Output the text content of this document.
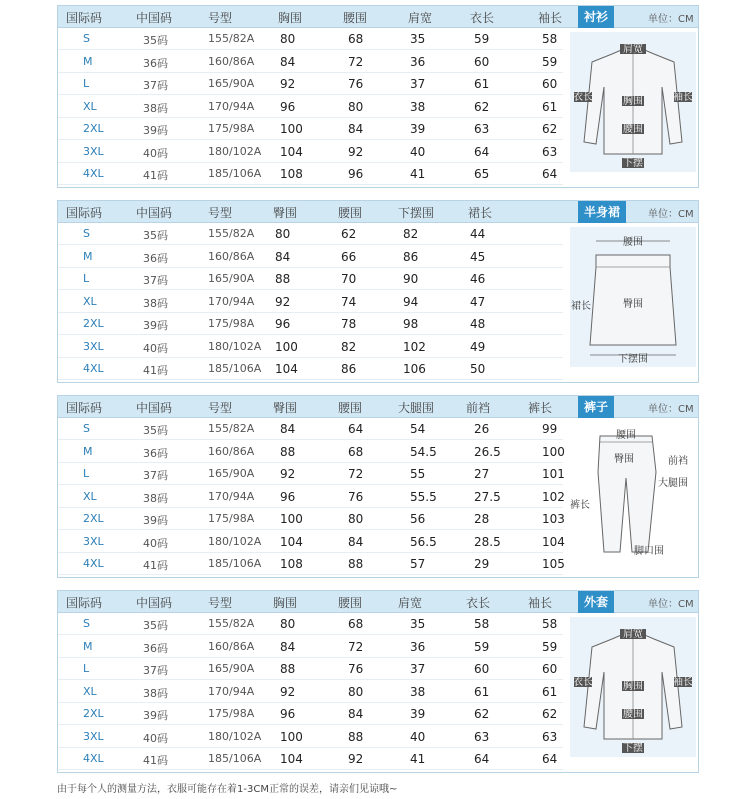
国际码	中国码	号型	胸围	腰围	肩宽	衣长	袖长	衬衫	单位：CM
S	35码	155/82A 80	68	35	59	58
M	36码	160/86A 84	72	36	60	59
L	37码	165/90A 92	76	37	61	60
XL	38码	170/94A 96	80	38	62	61
2XL	39码	175/98A 100	84	39	63	62
3XL	40码	180/102A 104	92	40	64	63
4XL	41码	185/106A 108	96	41	65	64
肩宽
衣长	胸围
腰围
袖长
下摆
国际码	中国码	号型	臀围	腰围	下摆围	裙长	半身裙	单位：CM
S	35码	155/82A 80	62	82	44
M	36码	160/86A 84	66	86	45
L	37码	165/90A 88	70	90	46
XL	38码	170/94A 92	74	94	47
2XL	39码	175/98A 96	78	98	48
3XL	40码	180/102A 100	82	102	49
4XL	41码	185/106A 104	86	106	50
腰围
裙长	臀围
下摆围
国际码	中国码	号型	臀围	腰围	大腿围	前裆	裤长	裤子	单位：CM
S	35码	155/82A 84	64	54	26	99
M	36码	160/86A 88	68	54.5	26.5	100
L	37码	165/90A 92	72	55	27	101
XL	38码	170/94A 96	76	55.5	27.5	102
2XL	39码	175/98A 100	80	56	28	103
3XL	40码	180/102A 104	84	56.5	28.5	104
4XL	41码	185/106A 108	88	57	29	105
腰围
臀围	前裆
大腿围
裤长
脚口围
国际码	中国码	号型	胸围	腰围	肩宽	衣长	袖长	外套	单位：CM
S	35码	155/82A 80	68	35	58	58
M	36码	160/86A 84	72	36	59	59
L	37码	165/90A 88	76	37	60	60
XL	38码	170/94A 92	80	38	61	61
2XL	39码	175/98A 96	84	39	62	62
3XL	40码	180/102A 100	88	40	63	63
4XL	41码	185/106A 104	92	41	64	64
肩宽
衣长	胸围
腰围
袖长
下摆
由于每个人的测量方法，衣服可能存在着1-3CM正常的误差，请亲们见谅哦~
